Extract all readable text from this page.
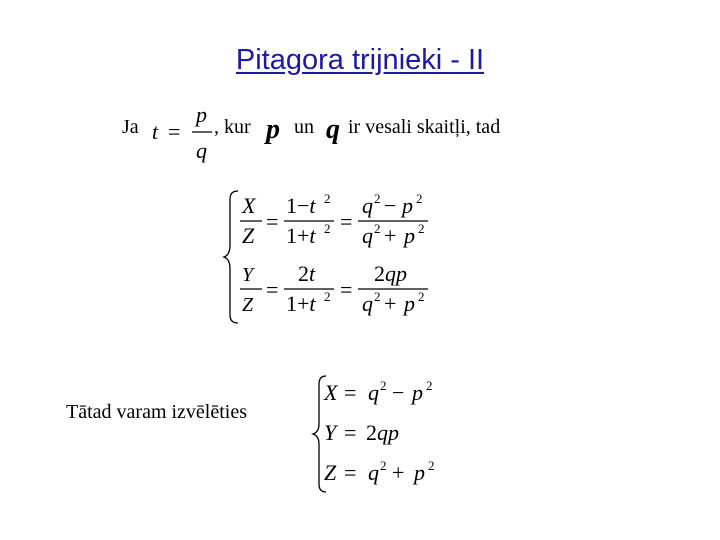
Pitagora trijnieki - II
Ja t =
p
q
, kur p un q ir vesali skaitļi, tad
X
Z
=
1−t 2
1+t 2 =
q 2 − p 2
q 2 + p 2
Y
Z
=
2t
1+t 2 =
2qp
q 2 + p 2
Tātad varam izvēlēties
X = q 2 − p 2
Y = 2qp
Z = q 2 + p 2
